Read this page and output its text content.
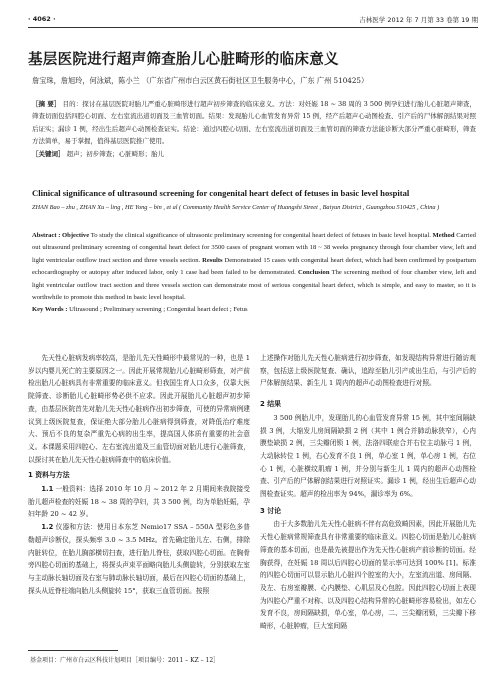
· 4062 ·	吉林医学 2012 年 7 月第 33 卷第 19 期
基层医院进行超声筛查胎儿心脏畸形的临床意义
詹宝珠，詹旭玲，何泳斌，陈小兰 （广东省广州市白云区黄石街社区卫生服务中心，广东 广州 510425）
［摘 要］ 目的：探讨在基层医院对胎儿严重心脏畸形进行超声初步筛查的临床意义。方法：对妊娠 18 ~ 38 周的 3 500 例孕妇进行胎儿心脏超声筛查，筛查切面包括四腔心切面、左右室流出道切面及三血管切面。结果：发现胎儿心血管发育异常 15 例，经产后超声心动图检查、引产后的尸体解剖结果对照后证实；漏诊 1 例，经出生后超声心动图检查证实。结论：通过四腔心切面、左右室流出道切面及三血管切面的筛查方法能诊断大部分严重心脏畸形，筛查方法简单，易于掌握，值得基层医院推广使用。
［关键词］ 超声；初步筛查；心脏畸形；胎儿
Clinical significance of ultrasound screening for congenital heart defect of fetuses in basic level hospital
ZHAN Bao – zhu , ZHAN Xu – ling , HE Yong – bin , et al ( Community Health Service Center of Huangshi Street , Baiyun District , Guangzhou 510425 , China )
Abstract : Objective To study the clinical significance of ultrasonic preliminary screening for congenital heart defect of fetuses in basic level hospital. Method Carried out ultrasound preliminary screening of congenital heart defect for 3500 cases of pregnant women with 18 ~ 38 weeks pregnancy through four chamber view, left and light ventricular outflow tract section and three vessels section. Results Demonstrated 15 cases with congenital heart defect, which had been confirmed by postpartum echocardiography or autopsy after induced labor, only 1 case had been failed to be demonstrated. Conclusion The screening method of four chamber view, left and light ventricular outflow tract section and three vessels section can demonstrate most of serious congenital heart defect, which is simple, and easy to master, so it is worthwhile to promote this method in basic level hospital.
Key Words : Ultrasound ; Preliminary screening ; Congenital heart defect ; Fetus

先天性心脏病发病率较高，是胎儿先天性畸形中最常见的一种，也是 1 岁以内婴儿死亡的主要原因之一。因此开展常规胎儿心脏畸形筛查，对产前检出胎儿心脏病具有非常重要的临床意义。但我国生育人口众多，仅靠大医院筛查、诊断胎儿心脏畸形势必供不应求。因此开展胎儿心脏超声初步筛查，由基层医院首先对胎儿先天性心脏病作出初步筛查，可使的异常病例建议到上级医院复查，保证绝大部分胎儿心脏病得到筛查，对降低治疗难度大、预后不良的复杂严重先心病的出生率，提高国人体质有重要的社会意义。本课题采用四腔心、左右室流出道及三血管切面对胎儿进行心脏筛查，以探讨其在胎儿先天性心脏病筛查中的临床价值。

1 资料与方法

1.1 一般资料：选择 2010 年 10 月 ~ 2012 年 2 月期间来我院接受胎儿超声检查的妊娠 18 ~ 38 周的孕妇，共 3 500 例，均为单胎妊娠，孕妇年龄 20 ~ 42 岁。

1.2 仪器和方法：使用日本东芝 Nemio17 SSA – 550A 型彩色多普勒超声诊断仪，探头频率 3.0 ~ 3.5 MHz。首先确定胎儿左、右侧，排除内脏转位，在胎儿胸部横切扫查，进行胎儿脊柱，获取四腔心切面。在胸骨旁四腔心切面的基础上，将探头声束平面略向胎儿头侧旋转，分别获取左室与主动脉长轴切面及右室与肺动脉长轴切面，最后在四腔心切面的基础上，探头从近脊柱端向胎儿头侧旋转 15°，获取三血管切面。按照

上述操作对胎儿先天性心脏病进行初步筛查，如发现结构异常进行随访观察，包括送上级医院复查、确认，追踪至胎儿引产或出生后，与引产后的尸体解剖结果、新生儿 1 周内的超声心动图检查进行对照。

2 结果

3 500 例胎儿中，发现胎儿的心血管发育异常 15 例，其中室间隔缺损 3 例，大缩发儿房间隔缺损 2 例（其中 1 例合并肺动脉狭窄），心内膜垫缺损 2 例，三尖瓣闭锁 1 例，法洛四联症合并右位主动脉弓 1 例，大动脉转位 1 例，右心发育不良 1 例，单心室 1 例，单心房 1 例，右位心 1 例，心脏横纹肌瘤 1 例，并分别与新生儿 1 周内的超声心动图检查、引产后的尸体解剖结果进行对照证实。漏诊 1 例，经出生后超声心动图检查证实。超声的检出率为 94%，漏诊率为 6%。

3 讨论

由于大多数胎儿先天性心脏病不伴有高危致畸因素，因此开展胎儿先天性心脏病常规筛查具有非常重要的临床意义。四腔心切面是胎儿心脏病筛查的基本切面，也是最先被提出作为先天性心脏病产前诊断的切面。经胸获得，在妊娠 18 周以后四腔心切面的显示率可达到 100% [1]。标准的四腔心切面可以显示胎儿心脏四个腔室的大小，左室流出道、房间隔、及左、右房室瓣膜、心内膜垫、心肌层及心包腔。因此四腔心切面上表现为四腔心严重不对称、以及四腔心结构异常的心脏畸形容易检出，如左心发育不良，房间隔缺损，单心室，单心房，二、三尖瓣闭锁，三尖瓣下移畸形，心脏肿瘤，巨大室间隔

基金项目：广州市白云区科技计划项目［项目编号：2011 – KZ – 12］
